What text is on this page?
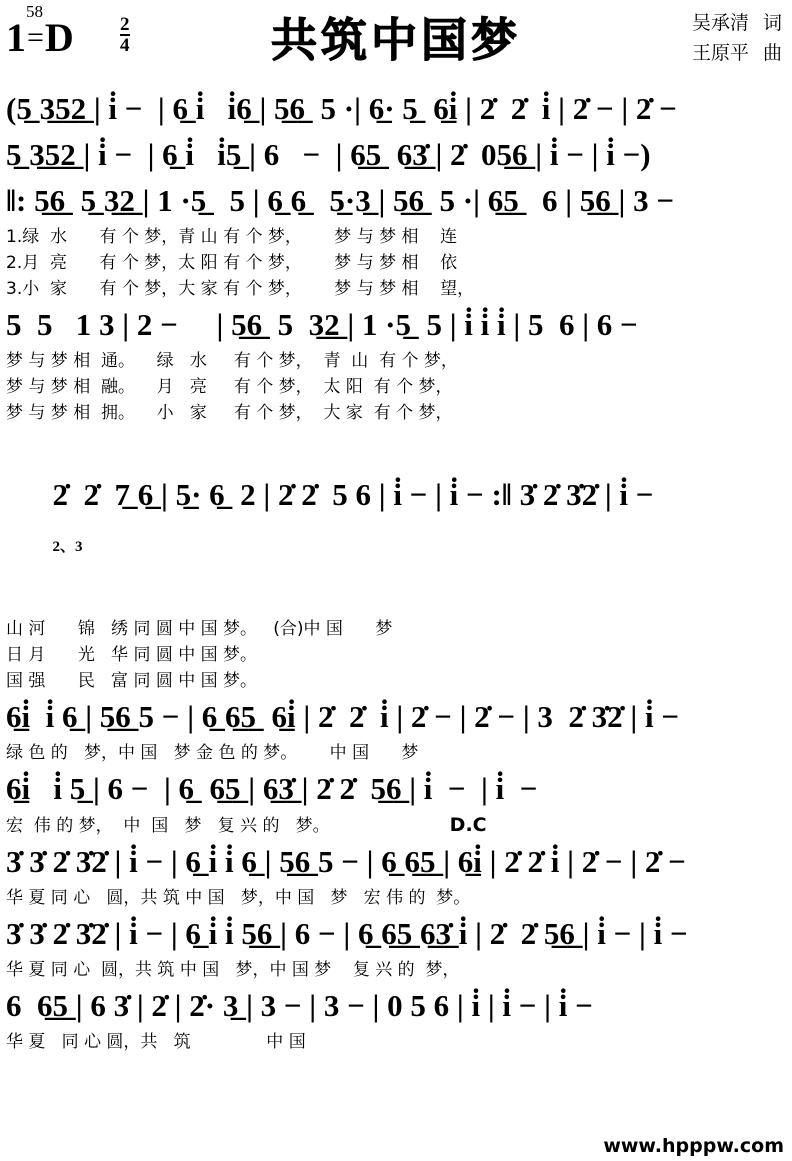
58
$1=D \frac{2}{4}$	共筑中国梦	吴承清 词
王原平 曲
(5̲ 3̲5̲2̲ | i̇ −  | 6̲ i̇   i̇6̲ | 5̲6̲  5 ·| 6̲· 5̲  6̲i̇ | 2̇  2̇  i̇ | 2̇ − | 2̇ −
5̲ 3̲5̲2̲ | i̇ −  | 6̲ i̇   i̇5̲ | 6   −  | 6̲5̲  6̲3̲̇ | 2̇  05̲6̲ | i̇ − | i̇ −)
‖: 5̲6̲  5̲ 3̲2̲ | 1 ·5̲   5 | 6̲ 6̲   5̲·3̲ | 5̲6̲  5 ·| 6̲5̲   6 | 5̲6̲ | 3 −
1.绿  水      有 个 梦，青 山 有 个 梦，      梦 与 梦 相    连
2.月  亮      有 个 梦，太 阳 有 个 梦，      梦 与 梦 相    依
3.小  家      有 个 梦，大 家 有 个 梦，      梦 与 梦 相    望，
5  5   1 3 | 2 −     | 5̲6̲  5  3̲2̲ | 1 ·5̲  5 | i̇ i̇ i̇ | 5  6 | 6 −
梦 与 梦 相  通。    绿   水     有 个 梦，  青  山  有 个 梦，
梦 与 梦 相  融。    月   亮     有 个 梦，  太 阳  有 个 梦，
梦 与 梦 相  拥。    小   家     有 个 梦，  大 家  有 个 梦，

2̇  2̇  7̲ 6̲ | 5̲· 6̲  2 | 2̇ 2̇  5 6 | i̇ − | i̇ − :‖ 3̇ 2̇ 3̇2̇ | i̇ −
2、3

山 河      锦   绣 同 圆 中 国 梦。   (合)中 国      梦
日 月      光   华 同 圆 中 国 梦。
国 强      民   富 同 圆 中 国 梦。
6̲i̇  i̇ 6̲ | 5̲6̲ 5 − | 6̲ 6̲5̲  6̲i̇ | 2̇  2̇  i̇ | 2̇ − | 2̇ − | 3  2̇ 3̇2̇ | i̇ −
绿 色 的   梦，中 国   梦 金 色 的 梦。      中 国      梦
6̲i̇   i̇ 5̲ | 6 −  | 6̲  6̲5̲ | 6̲3̲̇ | 2̇ 2̇  5̲6̲ | i̇  −  | i̇  −
宏  伟 的 梦，  中  国   梦   复 兴 的   梦。	D.C
3̇ 3̇ 2̇ 3̇2̇ | i̇ − | 6̲ i̇ i̇ 6̲ | 5̲6̲ 5 − | 6̲ 6̲5̲ | 6̲i̇ | 2̇ 2̇ i̇ | 2̇ − | 2̇ −
华 夏 同 心   圆，共 筑 中 国   梦，中 国   梦   宏 伟 的  梦。
3̇ 3̇ 2̇ 3̇2̇ | i̇ − | 6̲ i̇ i̇ 5̲6̲ | 6 − | 6̲ 6̲5̲ 6̲3̲̇ i̇ | 2̇  2̇ 5̲6̲ | i̇ − | i̇ −
华 夏 同 心  圆，共 筑 中 国   梦，中 国 梦    复 兴 的  梦，
6  6̲5̲ | 6 3̇ | 2̇ | 2̇· 3̲ | 3 − | 3 − | 0 5 6 | i̇ | i̇ − | i̇ −
华 夏   同 心 圆，共   筑              中 国
www.hpppw.com
